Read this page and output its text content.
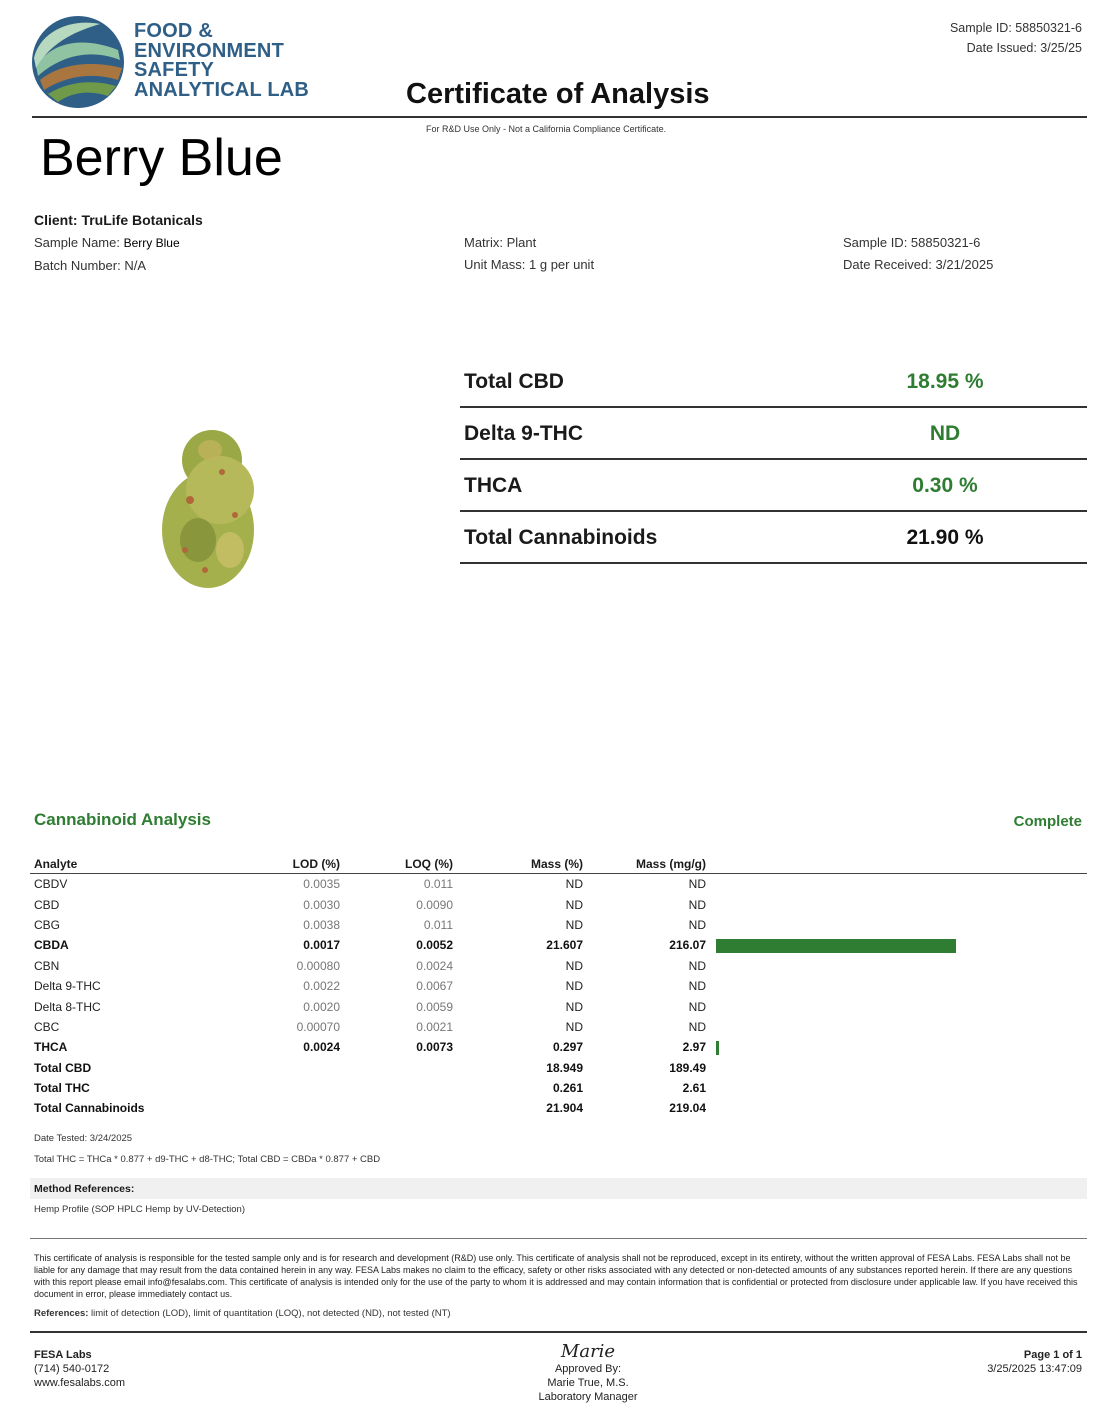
FOOD &
ENVIRONMENT
SAFETY
ANALYTICAL LAB
Sample ID: 58850321-6
Date Issued: 3/25/25
Certificate of Analysis
For R&D Use Only - Not a California Compliance Certificate.
Berry Blue
Client: TruLife Botanicals
Sample Name: Berry Blue
Batch Number: N/A
Matrix: Plant
Unit Mass: 1 g per unit
Sample ID: 58850321-6
Date Received: 3/21/2025
Total CBD	18.95 %
Delta 9-THC	ND
THCA	0.30 %
Total Cannabinoids	21.90 %
Cannabinoid Analysis	Complete
Analyte	LOD (%)	LOQ (%)	Mass (%)	Mass (mg/g)	
CBDV	0.0035	0.011	ND	ND	
CBD	0.0030	0.0090	ND	ND	
CBG	0.0038	0.011	ND	ND	
CBDA	0.0017	0.0052	21.607	216.07	
CBN	0.00080	0.0024	ND	ND	
Delta 9-THC	0.0022	0.0067	ND	ND	
Delta 8-THC	0.0020	0.0059	ND	ND	
CBC	0.00070	0.0021	ND	ND	
THCA	0.0024	0.0073	0.297	2.97	
Total CBD			18.949	189.49	
Total THC			0.261	2.61	
Total Cannabinoids			21.904	219.04	
Date Tested: 3/24/2025
Total THC = THCa * 0.877 + d9-THC + d8-THC; Total CBD = CBDa * 0.877 + CBD
Method References:
Hemp Profile (SOP HPLC Hemp by UV-Detection)
This certificate of analysis is responsible for the tested sample only and is for research and development (R&D) use only. This certificate of analysis shall not be reproduced, except in its entirety, without the written approval of FESA Labs. FESA Labs shall not be liable for any damage that may result from the data contained herein in any way. FESA Labs makes no claim to the efficacy, safety or other risks associated with any detected or non-detected amounts of any substances reported herein. If there are any questions with this report please email info@fesalabs.com. This certificate of analysis is intended only for the use of the party to whom it is addressed and may contain information that is confidential or protected from disclosure under applicable law. If you have received this document in error, please immediately contact us.
References: limit of detection (LOD), limit of quantitation (LOQ), not detected (ND), not tested (NT)
FESA Labs
(714) 540-0172
www.fesalabs.com
Marie
Approved By:
Marie True, M.S.
Laboratory Manager
Page 1 of 1
3/25/2025 13:47:09
